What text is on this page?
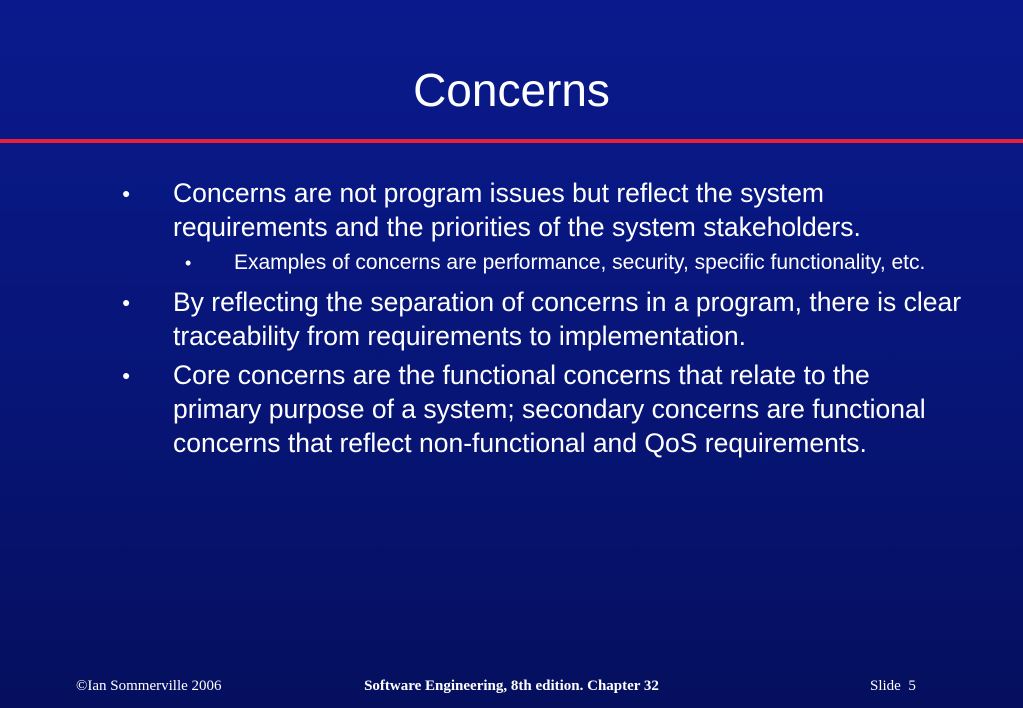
Concerns
● Concerns are not program issues but reflect the system requirements and the priorities of the system stakeholders.
• Examples of concerns are performance, security, specific functionality, etc.
● By reflecting the separation of concerns in a program, there is clear traceability from requirements to implementation.
● Core concerns are the functional concerns that relate to the primary purpose of a system; secondary concerns are functional concerns that reflect non-functional and QoS requirements.
©Ian Sommerville 2006	Software Engineering, 8th edition. Chapter 32	Slide  5
